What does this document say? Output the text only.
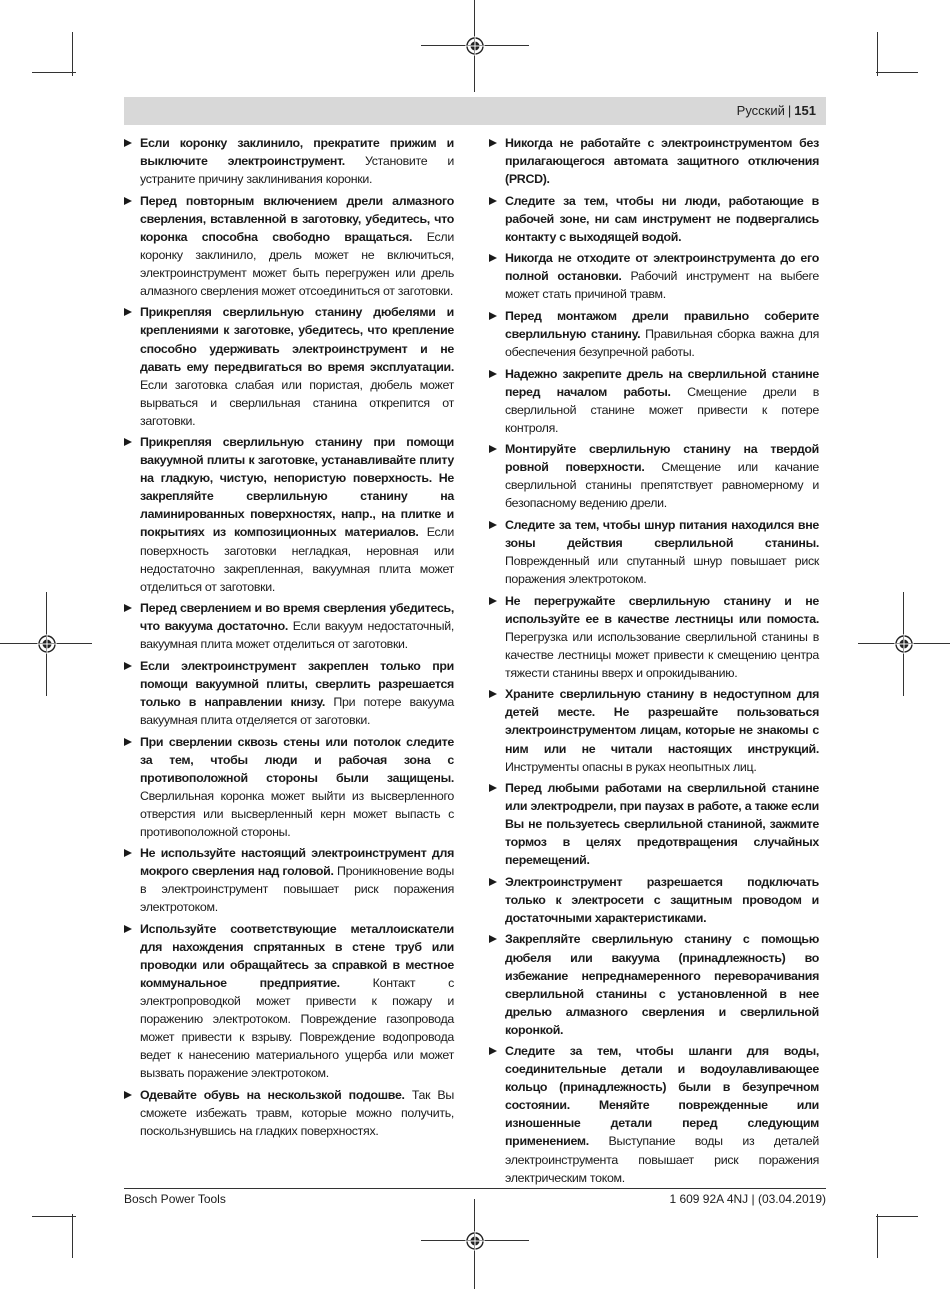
Русский | 151
Если коронку заклинило, прекратите прижим и выключите электроинструмент. Установите и устраните причину заклинивания коронки.
Перед повторным включением дрели алмазного сверления, вставленной в заготовку, убедитесь, что коронка способна свободно вращаться. Если коронку заклинило, дрель может не включиться, электроинструмент может быть перегружен или дрель алмазного сверления может отсоединиться от заготовки.
Прикрепляя сверлильную станину дюбелями и креплениями к заготовке, убедитесь, что крепление способно удерживать электроинструмент и не давать ему передвигаться во время эксплуатации. Если заготовка слабая или пористая, дюбель может вырваться и сверлильная станина открепится от заготовки.
Прикрепляя сверлильную станину при помощи вакуумной плиты к заготовке, устанавливайте плиту на гладкую, чистую, непористую поверхность. Не закрепляйте сверлильную станину на ламинированных поверхностях, напр., на плитке и покрытиях из композиционных материалов. Если поверхность заготовки негладкая, неровная или недостаточно закрепленная, вакуумная плита может отделиться от заготовки.
Перед сверлением и во время сверления убедитесь, что вакуума достаточно. Если вакуум недостаточный, вакуумная плита может отделиться от заготовки.
Если электроинструмент закреплен только при помощи вакуумной плиты, сверлить разрешается только в направлении книзу. При потере вакуума вакуумная плита отделяется от заготовки.
При сверлении сквозь стены или потолок следите за тем, чтобы люди и рабочая зона с противоположной стороны были защищены. Сверлильная коронка может выйти из высверленного отверстия или высверленный керн может выпасть с противоположной стороны.
Не используйте настоящий электроинструмент для мокрого сверления над головой. Проникновение воды в электроинструмент повышает риск поражения электротоком.
Используйте соответствующие металлоискатели для нахождения спрятанных в стене труб или проводки или обращайтесь за справкой в местное коммунальное предприятие. Контакт с электропроводкой может привести к пожару и поражению электротоком. Повреждение газопровода может привести к взрыву. Повреждение водопровода ведет к нанесению материального ущерба или может вызвать поражение электротоком.
Одевайте обувь на нескользкой подошве. Так Вы сможете избежать травм, которые можно получить, поскользнувшись на гладких поверхностях.
Никогда не работайте с электроинструментом без прилагающегося автомата защитного отключения (PRCD).
Следите за тем, чтобы ни люди, работающие в рабочей зоне, ни сам инструмент не подвергались контакту с выходящей водой.
Никогда не отходите от электроинструмента до его полной остановки. Рабочий инструмент на выбеге может стать причиной травм.
Перед монтажом дрели правильно соберите сверлильную станину. Правильная сборка важна для обеспечения безупречной работы.
Надежно закрепите дрель на сверлильной станине перед началом работы. Смещение дрели в сверлильной станине может привести к потере контроля.
Монтируйте сверлильную станину на твердой ровной поверхности. Смещение или качание сверлильной станины препятствует равномерному и безопасному ведению дрели.
Следите за тем, чтобы шнур питания находился вне зоны действия сверлильной станины. Поврежденный или спутанный шнур повышает риск поражения электротоком.
Не перегружайте сверлильную станину и не используйте ее в качестве лестницы или помоста. Перегрузка или использование сверлильной станины в качестве лестницы может привести к смещению центра тяжести станины вверх и опрокидыванию.
Храните сверлильную станину в недоступном для детей месте. Не разрешайте пользоваться электроинструментом лицам, которые не знакомы с ним или не читали настоящих инструкций. Инструменты опасны в руках неопытных лиц.
Перед любыми работами на сверлильной станине или электродрели, при паузах в работе, а также если Вы не пользуетесь сверлильной станиной, зажмите тормоз в целях предотвращения случайных перемещений.
Электроинструмент разрешается подключать только к электросети с защитным проводом и достаточными характеристиками.
Закрепляйте сверлильную станину с помощью дюбеля или вакуума (принадлежность) во избежание непреднамеренного переворачивания сверлильной станины с установленной в нее дрелью алмазного сверления и сверлильной коронкой.
Следите за тем, чтобы шланги для воды, соединительные детали и водоулавливающее кольцо (принадлежность) были в безупречном состоянии. Меняйте поврежденные или изношенные детали перед следующим применением. Выступание воды из деталей электроинструмента повышает риск поражения электрическим током.
Bosch Power Tools	1 609 92A 4NJ | (03.04.2019)
